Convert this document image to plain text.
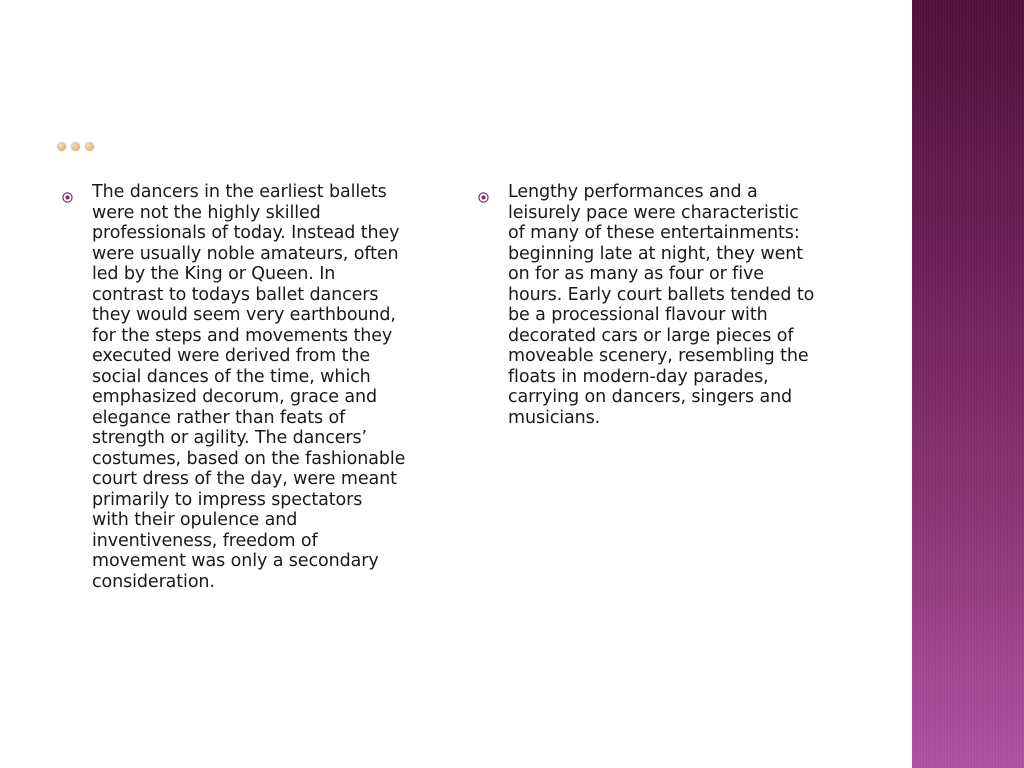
The dancers in the earliest ballets
were not the highly skilled
professionals of today. Instead they
were usually noble amateurs, often
led by the King or Queen. In
contrast to todays ballet dancers
they would seem very earthbound,
for the steps and movements they
executed were derived from the
social dances of the time, which
emphasized decorum, grace and
elegance rather than feats of
strength or agility. The dancers’
costumes, based on the fashionable
court dress of the day, were meant
primarily to impress spectators
with their opulence and
inventiveness, freedom of
movement was only a secondary
consideration.

Lengthy performances and a
leisurely pace were characteristic
of many of these entertainments:
beginning late at night, they went
on for as many as four or five
hours. Early court ballets tended to
be a processional flavour with
decorated cars or large pieces of
moveable scenery, resembling the
floats in modern-day parades,
carrying on dancers, singers and
musicians.
